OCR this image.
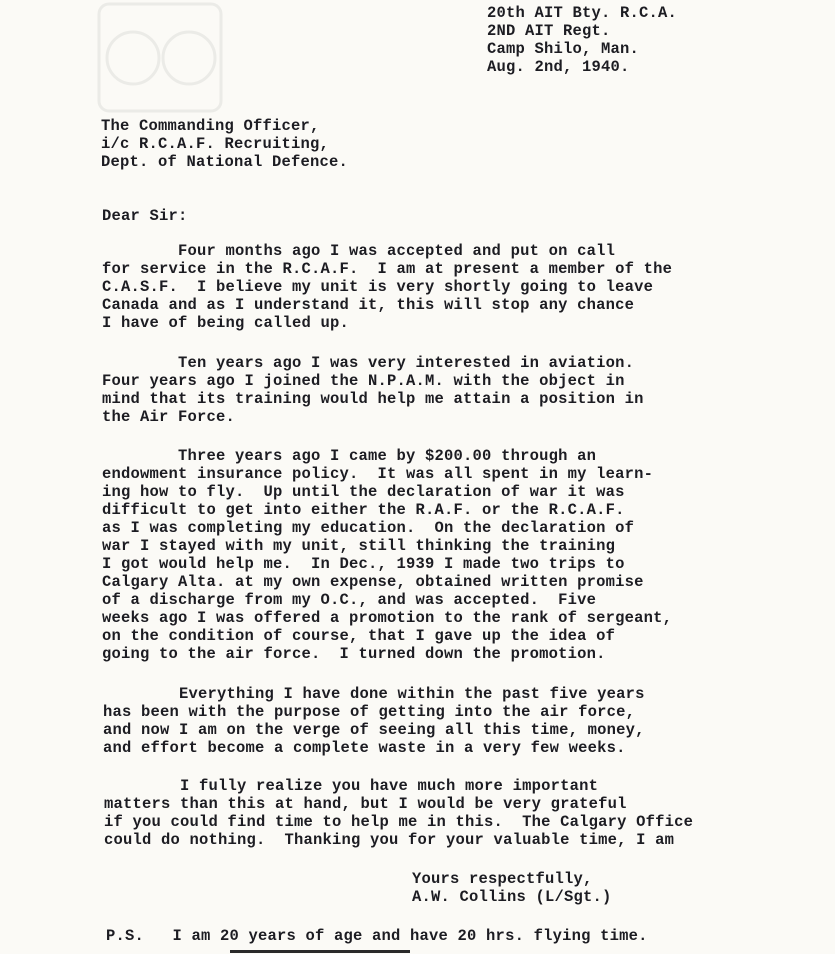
20th AIT Bty. R.C.A.
2ND AIT Regt.
Camp Shilo, Man.
Aug. 2nd, 1940.
The Commanding Officer,
i/c R.C.A.F. Recruiting,
Dept. of National Defence.
Dear Sir:
Four months ago I was accepted and put on call
for service in the R.C.A.F.  I am at present a member of the
C.A.S.F.  I believe my unit is very shortly going to leave
Canada and as I understand it, this will stop any chance
I have of being called up.
Ten years ago I was very interested in aviation.
Four years ago I joined the N.P.A.M. with the object in
mind that its training would help me attain a position in
the Air Force.
Three years ago I came by $200.00 through an
endowment insurance policy.  It was all spent in my learn-
ing how to fly.  Up until the declaration of war it was
difficult to get into either the R.A.F. or the R.C.A.F.
as I was completing my education.  On the declaration of
war I stayed with my unit, still thinking the training
I got would help me.  In Dec., 1939 I made two trips to
Calgary Alta. at my own expense, obtained written promise
of a discharge from my O.C., and was accepted.  Five
weeks ago I was offered a promotion to the rank of sergeant,
on the condition of course, that I gave up the idea of
going to the air force.  I turned down the promotion.
Everything I have done within the past five years
has been with the purpose of getting into the air force,
and now I am on the verge of seeing all this time, money,
and effort become a complete waste in a very few weeks.
I fully realize you have much more important
matters than this at hand, but I would be very grateful
if you could find time to help me in this.  The Calgary Office
could do nothing.  Thanking you for your valuable time, I am
Yours respectfully,
A.W. Collins (L/Sgt.)
P.S.   I am 20 years of age and have 20 hrs. flying time.
